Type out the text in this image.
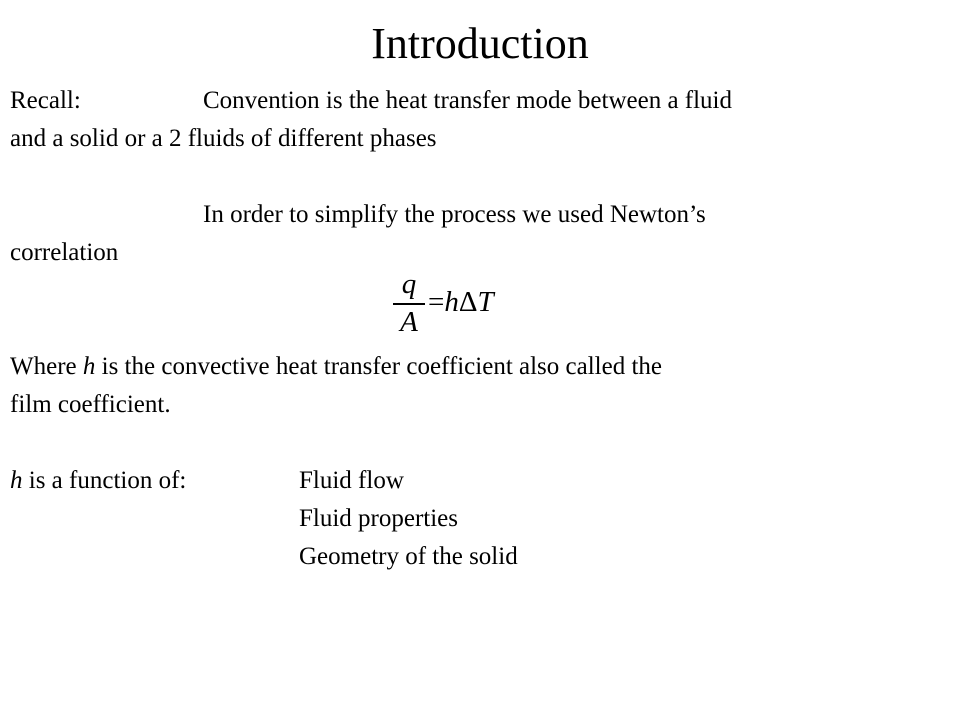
Introduction
Recall:	Convention is the heat transfer mode between a fluid
and a solid or a 2 fluids of different phases
In order to simplify the process we used Newton’s
correlation
q
A
=hΔT
Where h is the convective heat transfer coefficient also called the
film coefficient.
h is a function of:	Fluid flow
Fluid properties
Geometry of the solid
